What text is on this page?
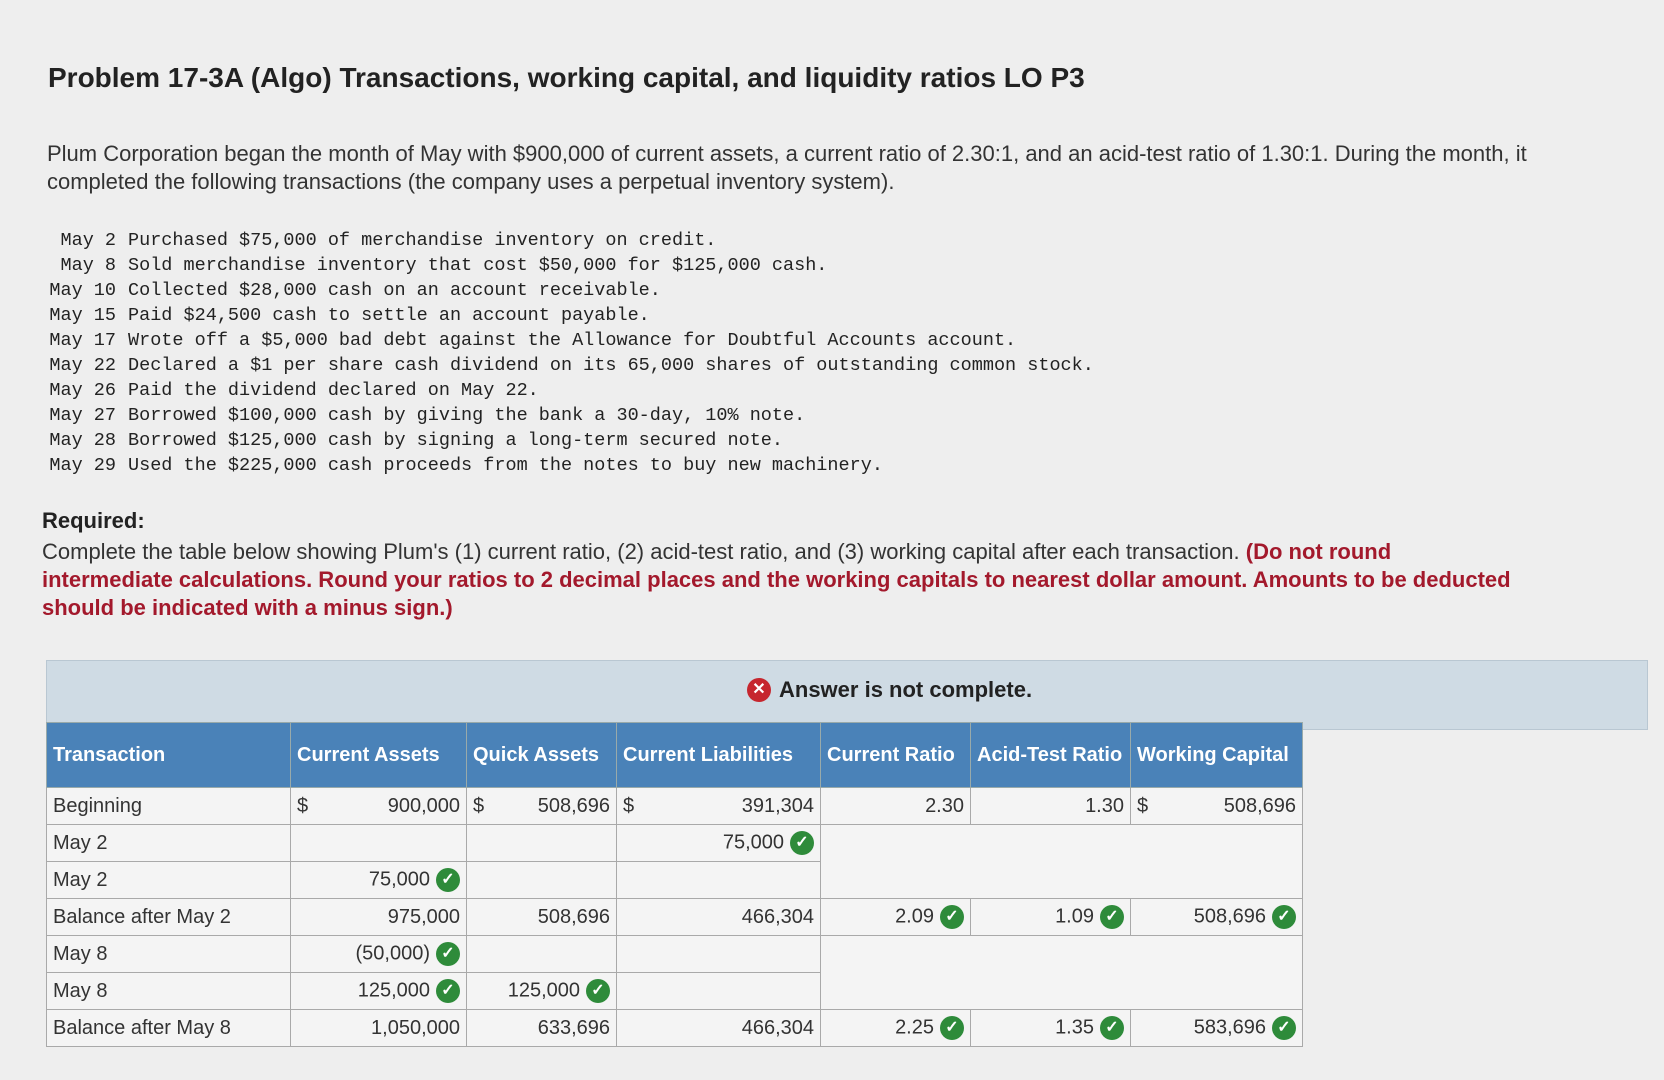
Problem 17-3A (Algo) Transactions, working capital, and liquidity ratios LO P3
Plum Corporation began the month of May with $900,000 of current assets, a current ratio of 2.30:1, and an acid-test ratio of 1.30:1. During the month, it completed the following transactions (the company uses a perpetual inventory system).
May 2 Purchased $75,000 of merchandise inventory on credit.
May 8 Sold merchandise inventory that cost $50,000 for $125,000 cash.
May 10 Collected $28,000 cash on an account receivable.
May 15 Paid $24,500 cash to settle an account payable.
May 17 Wrote off a $5,000 bad debt against the Allowance for Doubtful Accounts account.
May 22 Declared a $1 per share cash dividend on its 65,000 shares of outstanding common stock.
May 26 Paid the dividend declared on May 22.
May 27 Borrowed $100,000 cash by giving the bank a 30-day, 10% note.
May 28 Borrowed $125,000 cash by signing a long-term secured note.
May 29 Used the $225,000 cash proceeds from the notes to buy new machinery.
Required:
Complete the table below showing Plum's (1) current ratio, (2) acid-test ratio, and (3) working capital after each transaction. (Do not round intermediate calculations. Round your ratios to 2 decimal places and the working capitals to nearest dollar amount. Amounts to be deducted should be indicated with a minus sign.)
✕ Answer is not complete.
Transaction	Current Assets	Quick Assets	Current Liabilities	Current Ratio	Acid-Test Ratio	Working Capital
Beginning	$ 900,000	$ 508,696	$ 391,304	2.30	1.30	$ 508,696
May 2			75,000 ✓			
May 2	75,000 ✓					
Balance after May 2	975,000	508,696	466,304	2.09 ✓	1.09 ✓	508,696 ✓
May 8	(50,000) ✓					
May 8	125,000 ✓	125,000 ✓				
Balance after May 8	1,050,000	633,696	466,304	2.25 ✓	1.35 ✓	583,696 ✓
